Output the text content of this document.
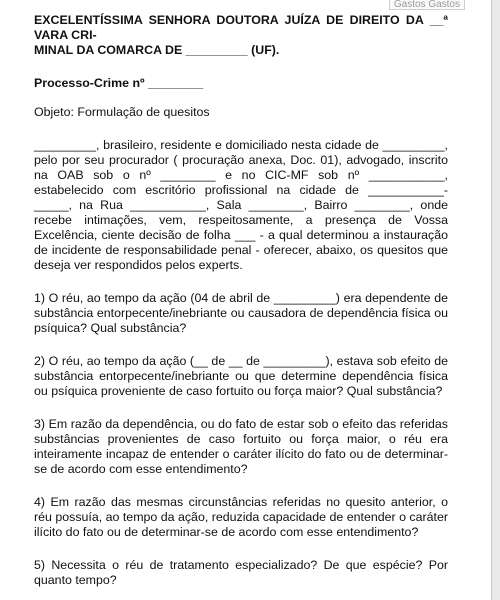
Gastos Gastos

EXCELENTÍSSIMA SENHORA DOUTORA JUÍZA DE DIREITO DA __ª VARA CRI-

MINAL DA COMARCA DE _________ (UF).

Processo-Crime nº ________

Objeto: Formulação de quesitos

_________, brasileiro, residente e domiciliado nesta cidade de _________, pelo por seu procurador ( procuração anexa, Doc. 01), advogado, inscrito na OAB sob o nº ________ e no CIC-MF sob nº ___________, estabelecido com escritório profissional na cidade de ___________- _____, na Rua ___________, Sala ________, Bairro ________, onde recebe intimações, vem, respeitosamente, a presença de Vossa Excelência, ciente decisão de folha ___ - a qual determinou a instauração de incidente de responsabilidade penal - oferecer, abaixo, os quesitos que deseja ver respondidos pelos experts.

1) O réu, ao tempo da ação (04 de abril de _________) era dependente de substância entorpecente/inebriante ou causadora de dependência física ou psíquica? Qual substância?

2) O réu, ao tempo da ação (__ de __ de _________), estava sob efeito de substância entorpecente/inebriante ou que determine dependência física ou psíquica proveniente de caso fortuito ou força maior? Qual substância?

3) Em razão da dependência, ou do fato de estar sob o efeito das referidas substâncias provenientes de caso fortuito ou força maior, o réu era inteiramente incapaz de entender o caráter ilícito do fato ou de determinar-se de acordo com esse entendimento?

4) Em razão das mesmas circunstâncias referidas no quesito anterior, o réu possuía, ao tempo da ação, reduzida capacidade de entender o caráter ilícito do fato ou de determinar-se de acordo com esse entendimento?

5) Necessita o réu de tratamento especializado? De que espécie? Por quanto tempo?
